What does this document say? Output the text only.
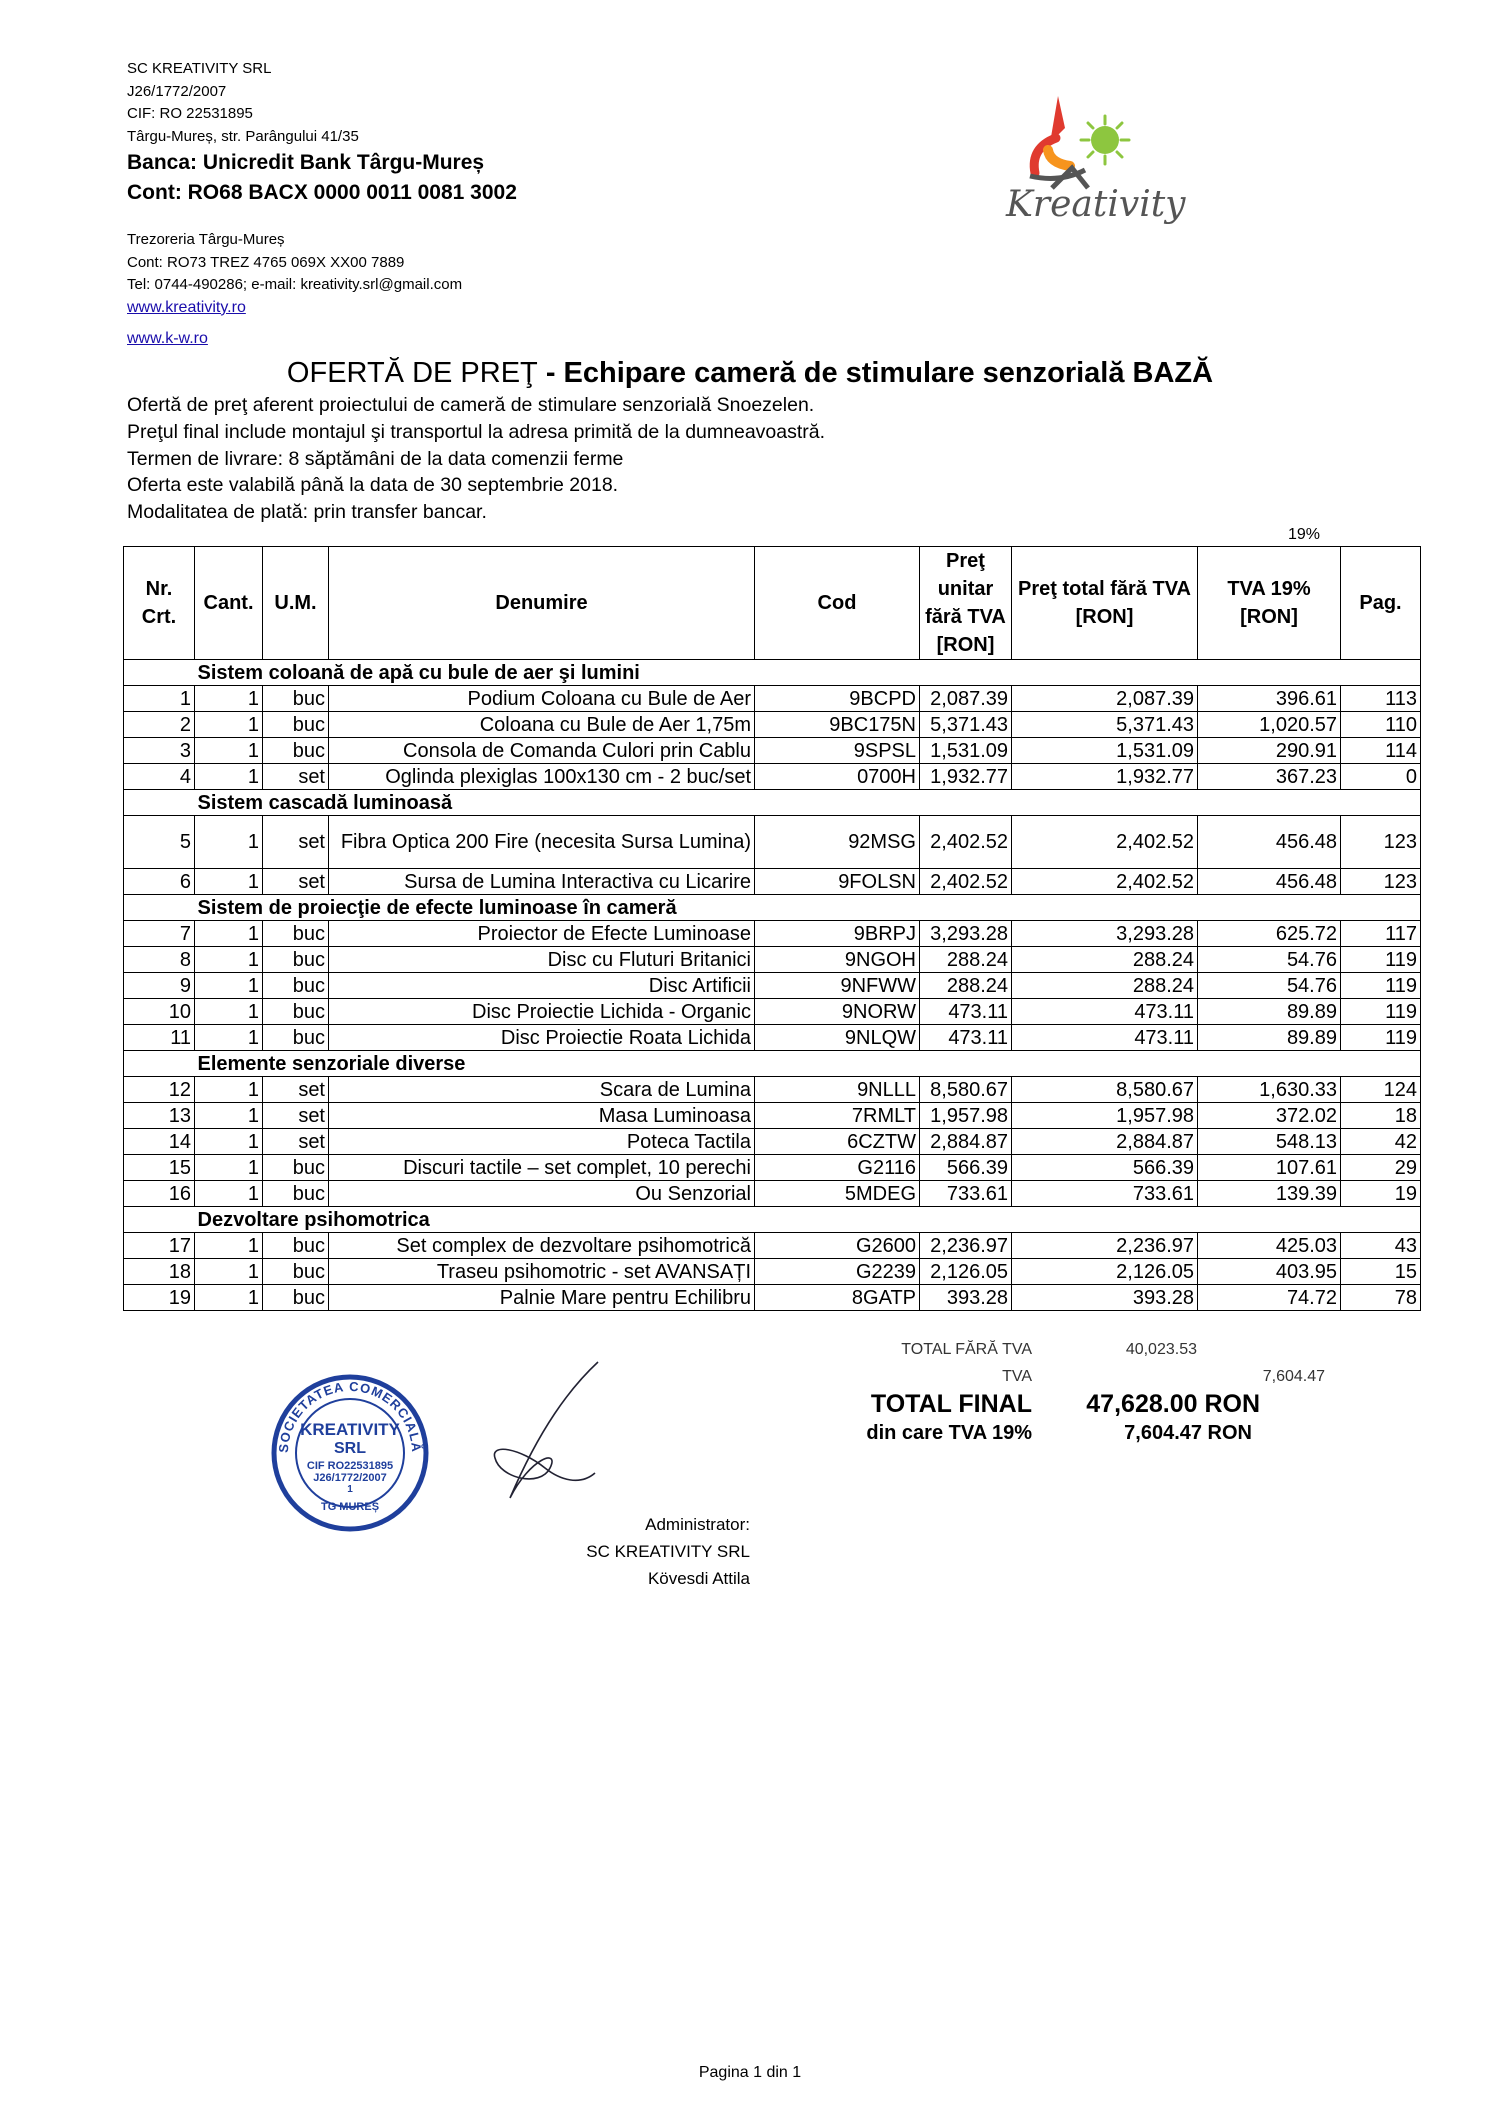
SC KREATIVITY SRL
J26/1772/2007
CIF: RO 22531895
Târgu-Mureș, str. Parângului 41/35
Banca: Unicredit Bank Târgu-Mureș
Cont: RO68 BACX 0000 0011 0081 3002
Trezoreria Târgu-Mureș
Cont: RO73 TREZ 4765 069X XX00 7889
Tel: 0744-490286; e-mail: kreativity.srl@gmail.com
www.kreativity.ro
www.k-w.ro
Kreativity
OFERTĂ DE PREŢ - Echipare cameră de stimulare senzorială BAZĂ
Ofertă de preţ aferent proiectului de cameră de stimulare senzorială Snoezelen.
Preţul final include montajul şi transportul la adresa primită de la dumneavoastră.
Termen de livrare: 8 săptămâni de la data comenzii ferme
Oferta este valabilă până la data de 30 septembrie 2018.
Modalitatea de plată: prin transfer bancar.
19%
Nr. Crt.	Cant.	U.M.	Denumire	Cod	Preţ unitar fără TVA [RON]	Preţ total fără TVA [RON]	TVA 19% [RON]	Pag.
	Sistem coloană de apă cu bule de aer şi lumini							
1	1	buc	Podium Coloana cu Bule de Aer	9BCPD	2,087.39	2,087.39	396.61	113
2	1	buc	Coloana cu Bule de Aer 1,75m	9BC175N	5,371.43	5,371.43	1,020.57	110
3	1	buc	Consola de Comanda Culori prin Cablu	9SPSL	1,531.09	1,531.09	290.91	114
4	1	set	Oglinda plexiglas 100x130 cm - 2 buc/set	0700H	1,932.77	1,932.77	367.23	0
	Sistem cascadă luminoasă							
5	1	set	Fibra Optica 200 Fire (necesita Sursa Lumina)	92MSG	2,402.52	2,402.52	456.48	123
6	1	set	Sursa de Lumina Interactiva cu Licarire	9FOLSN	2,402.52	2,402.52	456.48	123
	Sistem de proiecţie de efecte luminoase în cameră							
7	1	buc	Proiector de Efecte Luminoase	9BRPJ	3,293.28	3,293.28	625.72	117
8	1	buc	Disc cu Fluturi Britanici	9NGOH	288.24	288.24	54.76	119
9	1	buc	Disc Artificii	9NFWW	288.24	288.24	54.76	119
10	1	buc	Disc Proiectie Lichida - Organic	9NORW	473.11	473.11	89.89	119
11	1	buc	Disc Proiectie Roata Lichida	9NLQW	473.11	473.11	89.89	119
	Elemente senzoriale diverse							
12	1	set	Scara de Lumina	9NLLL	8,580.67	8,580.67	1,630.33	124
13	1	set	Masa Luminoasa	7RMLT	1,957.98	1,957.98	372.02	18
14	1	set	Poteca Tactila	6CZTW	2,884.87	2,884.87	548.13	42
15	1	buc	Discuri tactile – set complet, 10 perechi	G2116	566.39	566.39	107.61	29
16	1	buc	Ou Senzorial	5MDEG	733.61	733.61	139.39	19
	Dezvoltare psihomotrica							
17	1	buc	Set complex de dezvoltare psihomotrică	G2600	2,236.97	2,236.97	425.03	43
18	1	buc	Traseu psihomotric - set AVANSAȚI	G2239	2,126.05	2,126.05	403.95	15
19	1	buc	Palnie Mare pentru Echilibru	8GATP	393.28	393.28	74.72	78
TOTAL FĂRĂ TVA	40,023.53
TVA	7,604.47
TOTAL FINAL	47,628.00 RON
din care TVA 19%	7,604.47 RON
SOCIETATEA COMERCIALĂ
KREATIVITY
SRL
CIF RO22531895
J26/1772/2007
1
TG MUREȘ
Administrator:
SC KREATIVITY SRL
Kövesdi Attila
Pagina 1 din 1
